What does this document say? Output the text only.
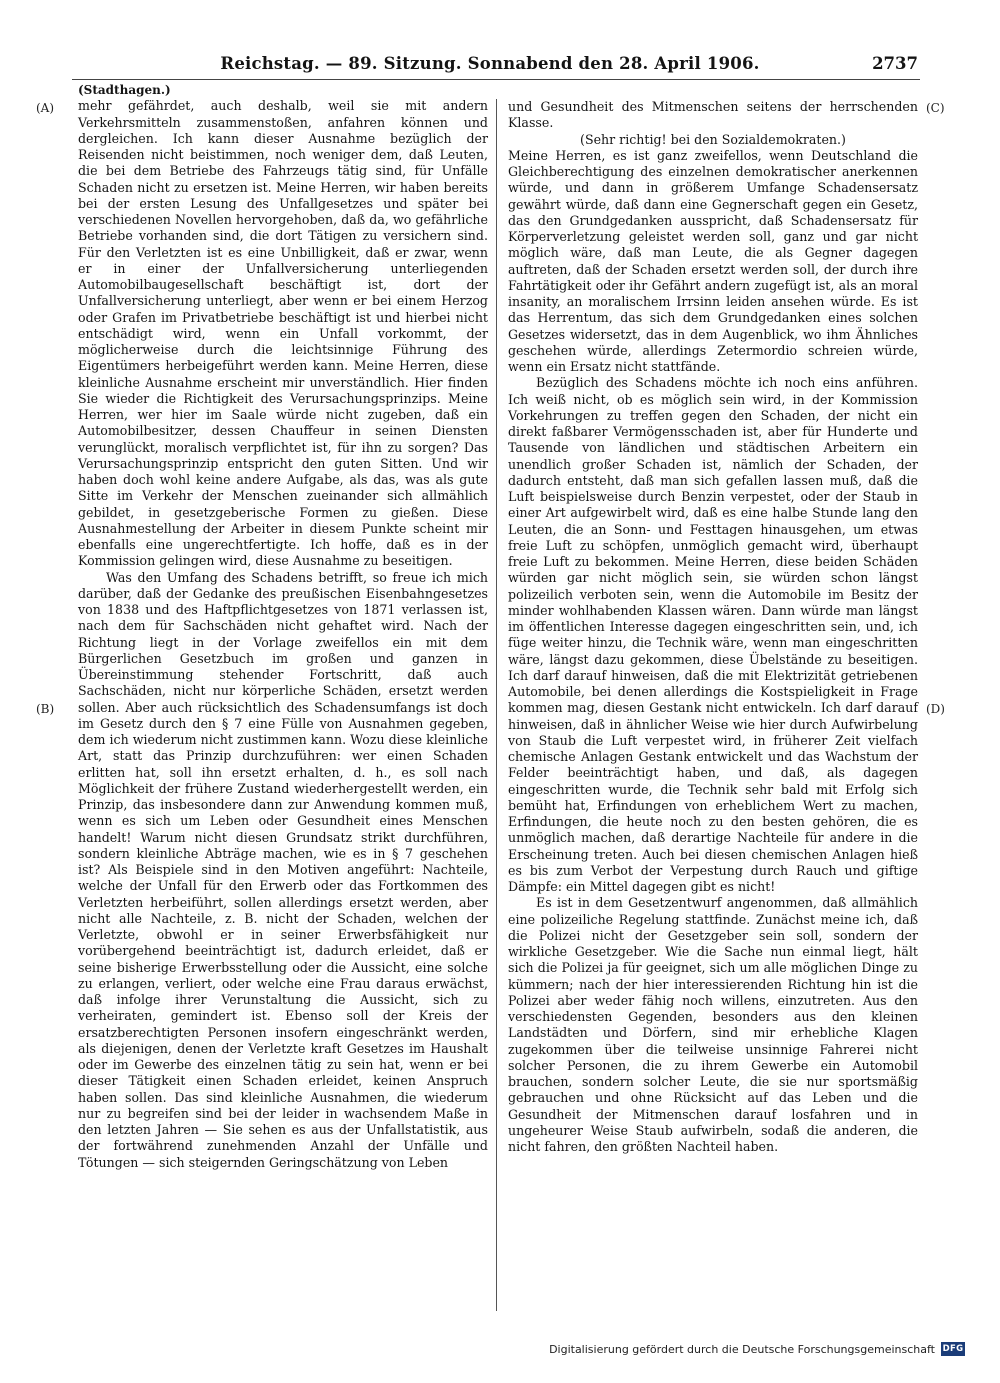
Reichstag. — 89. Sitzung. Sonnabend den 28. April 1906.	2737
(A)
(B)
(C)
(D)
(Stadthagen.)

mehr gefährdet, auch deshalb, weil sie mit andern Verkehrsmitteln zusammenstoßen, anfahren können und dergleichen. Ich kann dieser Ausnahme bezüglich der Reisenden nicht beistimmen, noch weniger dem, daß Leuten, die bei dem Betriebe des Fahrzeugs tätig sind, für Unfälle Schaden nicht zu ersetzen ist. Meine Herren, wir haben bereits bei der ersten Lesung des Unfallgesetzes und später bei verschiedenen Novellen hervorgehoben, daß da, wo gefährliche Betriebe vorhanden sind, die dort Tätigen zu versichern sind. Für den Verletzten ist es eine Unbilligkeit, daß er zwar, wenn er in einer der Unfallversicherung unterliegenden Automobilbaugesellschaft beschäftigt ist, dort der Unfallversicherung unterliegt, aber wenn er bei einem Herzog oder Grafen im Privatbetriebe beschäftigt ist und hierbei nicht entschädigt wird, wenn ein Unfall vorkommt, der möglicherweise durch die leichtsinnige Führung des Eigentümers herbeigeführt werden kann. Meine Herren, diese kleinliche Ausnahme erscheint mir unverständlich. Hier finden Sie wieder die Richtigkeit des Verursachungsprinzips. Meine Herren, wer hier im Saale würde nicht zugeben, daß ein Automobilbesitzer, dessen Chauffeur in seinen Diensten verunglückt, moralisch verpflichtet ist, für ihn zu sorgen? Das Verursachungsprinzip entspricht den guten Sitten. Und wir haben doch wohl keine andere Aufgabe, als das, was als gute Sitte im Verkehr der Menschen zueinander sich allmählich gebildet, in gesetzgeberische Formen zu gießen. Diese Ausnahmestellung der Arbeiter in diesem Punkte scheint mir ebenfalls eine ungerechtfertigte. Ich hoffe, daß es in der Kommission gelingen wird, diese Ausnahme zu beseitigen.

Was den Umfang des Schadens betrifft, so freue ich mich darüber, daß der Gedanke des preußischen Eisenbahngesetzes von 1838 und des Haftpflichtgesetzes von 1871 verlassen ist, nach dem für Sachschäden nicht gehaftet wird. Nach der Richtung liegt in der Vorlage zweifellos ein mit dem Bürgerlichen Gesetzbuch im großen und ganzen in Übereinstimmung stehender Fortschritt, daß auch Sachschäden, nicht nur körperliche Schäden, ersetzt werden sollen. Aber auch rücksichtlich des Schadensumfangs ist doch im Gesetz durch den § 7 eine Fülle von Ausnahmen gegeben, dem ich wiederum nicht zustimmen kann. Wozu diese kleinliche Art, statt das Prinzip durchzuführen: wer einen Schaden erlitten hat, soll ihn ersetzt erhalten, d. h., es soll nach Möglichkeit der frühere Zustand wiederhergestellt werden, ein Prinzip, das insbesondere dann zur Anwendung kommen muß, wenn es sich um Leben oder Gesundheit eines Menschen handelt! Warum nicht diesen Grundsatz strikt durchführen, sondern kleinliche Abträge machen, wie es in § 7 geschehen ist? Als Beispiele sind in den Motiven angeführt: Nachteile, welche der Unfall für den Erwerb oder das Fortkommen des Verletzten herbeiführt, sollen allerdings ersetzt werden, aber nicht alle Nachteile, z. B. nicht der Schaden, welchen der Verletzte, obwohl er in seiner Erwerbsfähigkeit nur vorübergehend beeinträchtigt ist, dadurch erleidet, daß er seine bisherige Erwerbsstellung oder die Aussicht, eine solche zu erlangen, verliert, oder welche eine Frau daraus erwächst, daß infolge ihrer Verunstaltung die Aussicht, sich zu verheiraten, gemindert ist. Ebenso soll der Kreis der ersatzberechtigten Personen insofern eingeschränkt werden, als diejenigen, denen der Verletzte kraft Gesetzes im Haushalt oder im Gewerbe des einzelnen tätig zu sein hat, wenn er bei dieser Tätigkeit einen Schaden erleidet, keinen Anspruch haben sollen. Das sind kleinliche Ausnahmen, die wiederum nur zu begreifen sind bei der leider in wachsendem Maße in den letzten Jahren — Sie sehen es aus der Unfallstatistik, aus der fortwährend zunehmenden Anzahl der Unfälle und Tötungen — sich steigernden Geringschätzung von Leben

und Gesundheit des Mitmenschen seitens der herrschenden Klasse.

(Sehr richtig! bei den Sozialdemokraten.)

Meine Herren, es ist ganz zweifellos, wenn Deutschland die Gleichberechtigung des einzelnen demokratischer anerkennen würde, und dann in größerem Umfange Schadensersatz gewährt würde, daß dann eine Gegnerschaft gegen ein Gesetz, das den Grundgedanken ausspricht, daß Schadensersatz für Körperverletzung geleistet werden soll, ganz und gar nicht möglich wäre, daß man Leute, die als Gegner dagegen auftreten, daß der Schaden ersetzt werden soll, der durch ihre Fahrtätigkeit oder ihr Gefährt andern zugefügt ist, als an moral insanity, an moralischem Irrsinn leiden ansehen würde. Es ist das Herrentum, das sich dem Grundgedanken eines solchen Gesetzes widersetzt, das in dem Augenblick, wo ihm Ähnliches geschehen würde, allerdings Zetermordio schreien würde, wenn ein Ersatz nicht stattfände.

Bezüglich des Schadens möchte ich noch eins anführen. Ich weiß nicht, ob es möglich sein wird, in der Kommission Vorkehrungen zu treffen gegen den Schaden, der nicht ein direkt faßbarer Vermögensschaden ist, aber für Hunderte und Tausende von ländlichen und städtischen Arbeitern ein unendlich großer Schaden ist, nämlich der Schaden, der dadurch entsteht, daß man sich gefallen lassen muß, daß die Luft beispielsweise durch Benzin verpestet, oder der Staub in einer Art aufgewirbelt wird, daß es eine halbe Stunde lang den Leuten, die an Sonn- und Festtagen hinausgehen, um etwas freie Luft zu schöpfen, unmöglich gemacht wird, überhaupt freie Luft zu bekommen. Meine Herren, diese beiden Schäden würden gar nicht möglich sein, sie würden schon längst polizeilich verboten sein, wenn die Automobile im Besitz der minder wohlhabenden Klassen wären. Dann würde man längst im öffentlichen Interesse dagegen eingeschritten sein, und, ich füge weiter hinzu, die Technik wäre, wenn man eingeschritten wäre, längst dazu gekommen, diese Übelstände zu beseitigen. Ich darf darauf hinweisen, daß die mit Elektrizität getriebenen Automobile, bei denen allerdings die Kostspieligkeit in Frage kommen mag, diesen Gestank nicht entwickeln. Ich darf darauf hinweisen, daß in ähnlicher Weise wie hier durch Aufwirbelung von Staub die Luft verpestet wird, in früherer Zeit vielfach chemische Anlagen Gestank entwickelt und das Wachstum der Felder beeinträchtigt haben, und daß, als dagegen eingeschritten wurde, die Technik sehr bald mit Erfolg sich bemüht hat, Erfindungen von erheblichem Wert zu machen, Erfindungen, die heute noch zu den besten gehören, die es unmöglich machen, daß derartige Nachteile für andere in die Erscheinung treten. Auch bei diesen chemischen Anlagen hieß es bis zum Verbot der Verpestung durch Rauch und giftige Dämpfe: ein Mittel dagegen gibt es nicht!

Es ist in dem Gesetzentwurf angenommen, daß allmählich eine polizeiliche Regelung stattfinde. Zunächst meine ich, daß die Polizei nicht der Gesetzgeber sein soll, sondern der wirkliche Gesetzgeber. Wie die Sache nun einmal liegt, hält sich die Polizei ja für geeignet, sich um alle möglichen Dinge zu kümmern; nach der hier interessierenden Richtung hin ist die Polizei aber weder fähig noch willens, einzutreten. Aus den verschiedensten Gegenden, besonders aus den kleinen Landstädten und Dörfern, sind mir erhebliche Klagen zugekommen über die teilweise unsinnige Fahrerei nicht solcher Personen, die zu ihrem Gewerbe ein Automobil brauchen, sondern solcher Leute, die sie nur sportsmäßig gebrauchen und ohne Rücksicht auf das Leben und die Gesundheit der Mitmenschen darauf losfahren und in ungeheurer Weise Staub aufwirbeln, sodaß die anderen, die nicht fahren, den größten Nachteil haben.

Digitalisierung gefördert durch die Deutsche Forschungsgemeinschaft DFG
